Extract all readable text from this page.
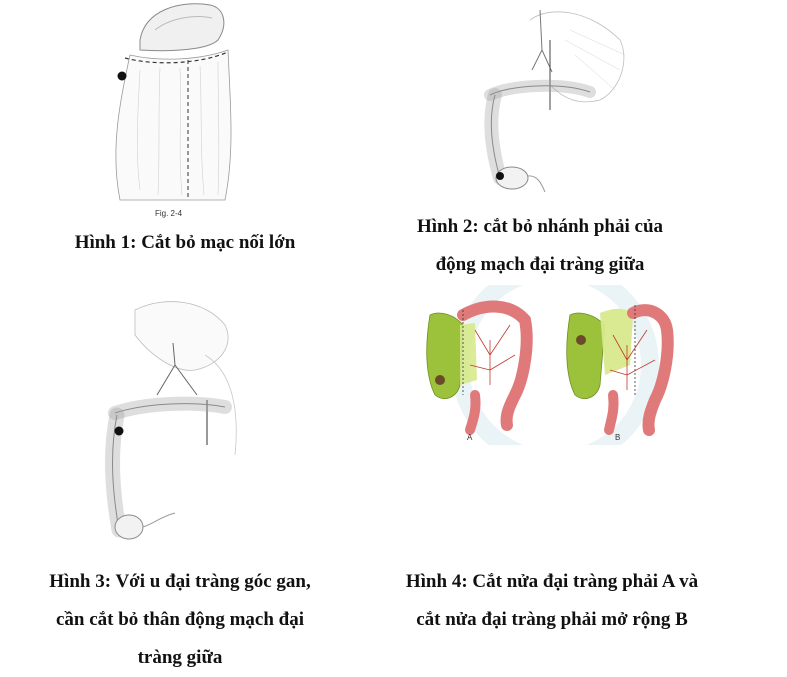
Fig. 2-4
A	B
Hình 1: Cắt bỏ mạc nối lớn
Hình 2: cắt bỏ nhánh phải của
động mạch đại tràng giữa
Hình 3: Với u đại tràng góc gan,
cần cắt bỏ thân động mạch đại
tràng giữa
Hình 4: Cắt nửa đại tràng phải A và
cắt nửa đại tràng phải mở rộng B
